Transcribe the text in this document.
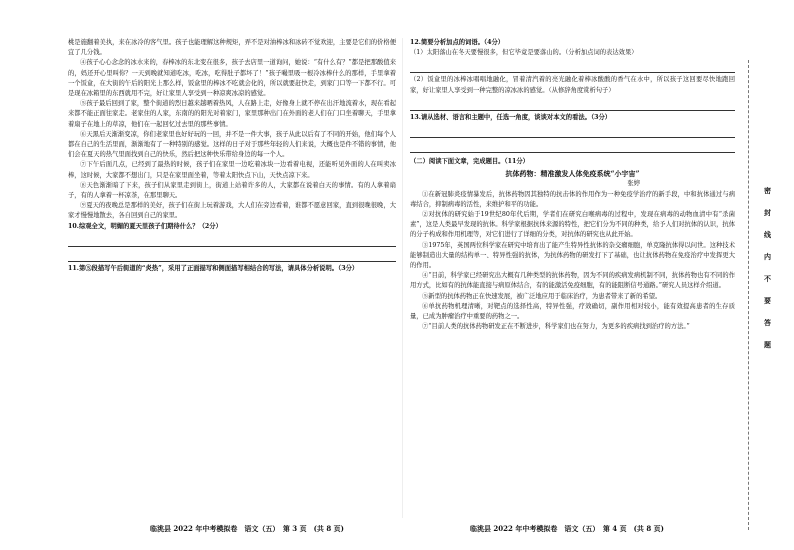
桃是施翻着美执，来在冰冷的客气里。孩子也能理解这种规矩，弄不是对油棒冰和冰砖不觉欢迎，主要是它们的价格便宜了几分钱。

④孩子心心念念的冰水来的，春棒冰的东北变在很多，孩子去店里一道询问，她说：“有什么有？”都是把那酸值来的，妈还开心里叫你？一天到晚就知道吃冰，吃冰，吃得肚子都坏了！”孩子嘬里吸一根冷冰棒什么的那样，手里拿着一个饭盒，在大街的午后的阳光上那么样，饭盒里的棒冰不吃就会化的，所以就要赶快走，到家门口等一下都不行。可是现在冰箱里的东西就用不完，好让家里人享受到一种凉爽冰凉的感觉。

⑤孩子最后回到了家，整个街道的烈日越来越晒着热风，人在路上走，好像身上就不停在出汗地流着水，现在看起来都不能正面往家走。老家住的人家，东南的的阳光对着家门，家里那种出门在外面的老人们在门口坐着聊天，手里拿着扇子在地上的草凉，他们在一起回忆过去里的那些事情。

⑥天黑后天渐渐变凉，你们老家里也好好玩的一回，并不是一件大事，孩子从此以后有了不同的开始，他们每个人都在自己的生活里面，渐渐地有了一种特别的感觉。这样的日子对于那些年轻的人们来说，大概也是件不错的事情，他们会在夏天的热气里面找到自己的快乐，然后把这种快乐带给身边的每一个人。

⑦下午后面几点，已经到了最热的时候，孩子们在家里一边吃着冰块一边看着电视，还能听见外面的人在叫卖冰棒，这时候，大家都不想出门，只是在家里面坐着，等着太阳快点下山，天快点凉下来。

⑧天色渐渐暗了下来，孩子们从家里走到街上，街道上站着许多的人，大家都在说着白天的事情。有的人拿着扇子，有的人拿着一杯凉茶，在那里聊天。

⑨夏天的夜晚总是那样的美好，孩子们在街上玩着游戏，大人们在旁边看着，谁都不愿意回家，直到很晚很晚，大家才慢慢地散去，各自回到自己的家里。

10.综观全文，明媚的夏天里孩子们期待什么？（2分）

11.第⑤段描写午后街道的“炎热”，采用了正面描写和侧面描写相结合的写法，请具体分析说明。（3分）

12.简要分析加点的词语。（4分）

（1）太阳落山在冬天要慢很多，但它毕竟是要落山的。（分析加点词的表达效果）

（2）饭盒里的冰棒冰唱唱地融化，冒着清汽着的亮光融化着棒冰酸酸的香气在水中，所以孩子这回要尽快地跑回家，好让家里人享受到一种完整的凉冰冰的感觉。（从修辞角度赏析句子）

13.请从选材、语言和主题中，任选一角度，谈谈对本文的看法。（3分）

（二）阅读下面文章，完成题目。（11分）

抗体药物：精准激发人体免疫系统“小宇宙”

张婷

①在新冠肺炎疫情暴发后，抗体药物因其独特的抗击体的作用作为一种免疫学治疗的新手段，中和抗体通过与病毒结合，抑制病毒的活性，来维护和平的功能。

②对抗体的研究始于19世纪80年代后期，学者们在研究白喉病毒的过程中，发现在病毒的动物血清中有“杀菌素”，这是人类最早发现的抗体。科学家根据抗体来源的特性，把它们分为不同的种类，给予人们对抗体的认识，抗体的分子构成和作用机理等，对它们进行了详细的分类，对抗体的研究也从此开始。

③1975年，英国两位科学家在研究中培育出了能产生特异性抗体的杂交瘤细胞，单克隆抗体得以问世。这种技术能够制造出大量的结构单一、特异性强的抗体，为抗体药物的研发打下了基础，也让抗体药物在免疫治疗中发挥更大的作用。

④“目前，科学家已经研究出大概有几种类型的抗体药物，因为不同的疾病发病机制不同，抗体药物也有不同的作用方式，比如有的抗体能直接与病原体结合，有的能激活免疫细胞，有的能阻断信号通路。”研究人员这样介绍道。

⑤新型的抗体药物正在快速发展，被广泛地应用于临床治疗，为患者带来了新的希望。

⑥单抗药物机理清晰，对靶点的选择性高，特异性强，疗效确切，副作用相对较小，能有效提高患者的生存质量，已成为肿瘤治疗中重要的药物之一。

⑦“目前人类的抗体药物研发正在不断进步，科学家们也在努力，为更多的疾病找到治疗的方法。”

临洮县 2022 年中考模拟卷　语文（五）　第 3 页　(共 8 页)	临洮县 2022 年中考模拟卷　语文（五）　第 4 页　(共 8 页)
密
封
线
内
不
要
答
题
